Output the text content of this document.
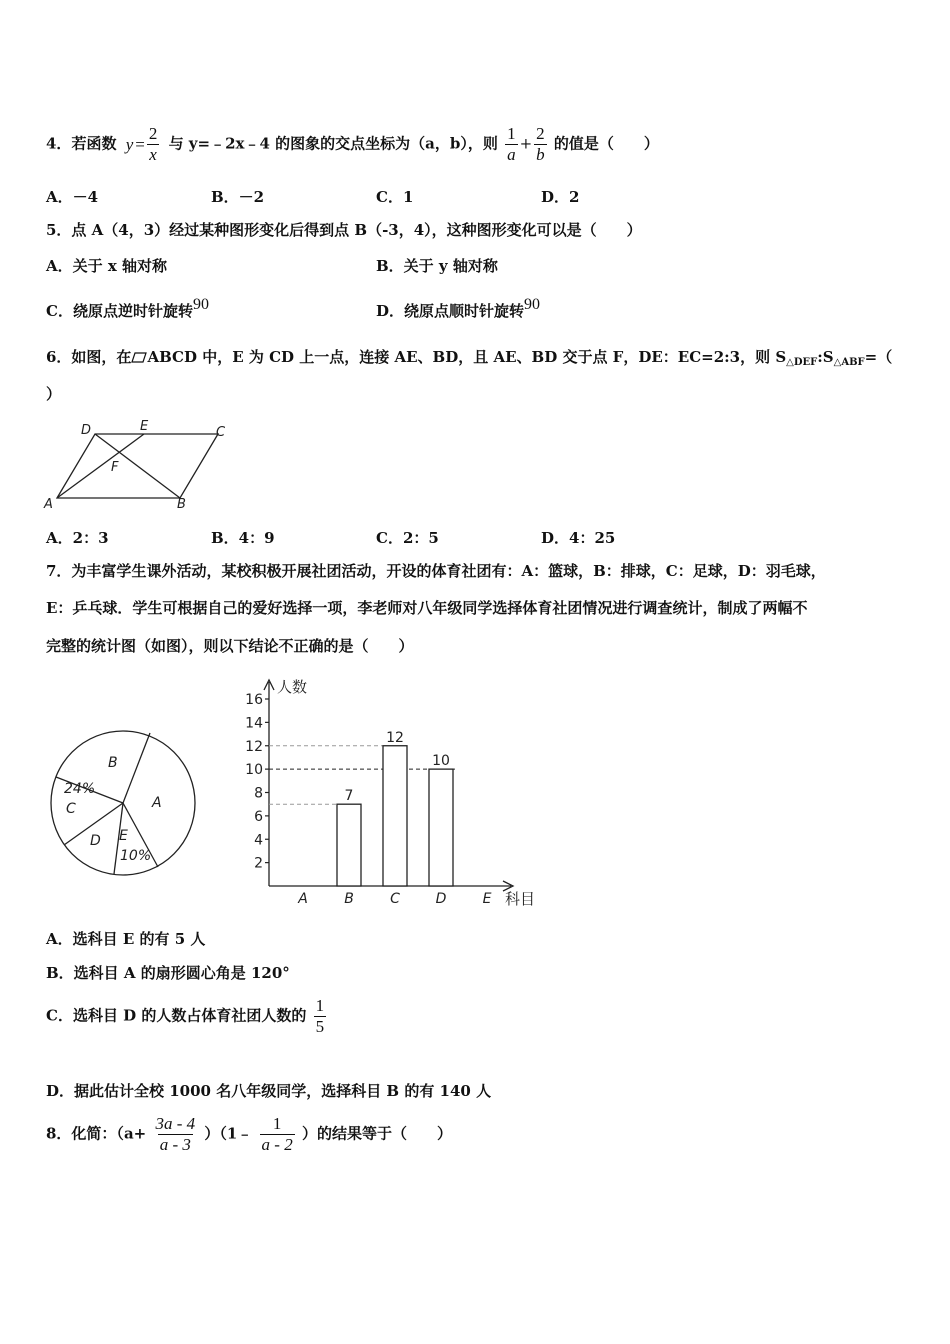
4．若函数 $y = \frac{2}{x}$ 与 y=﹣2x﹣4 的图象的交点坐标为（a，b），则 $\frac{1}{a} + \frac{2}{b}$ 的值是（　　）
A．－4	B．－2	C．1	D．2
5．点 A（4，3）经过某种图形变化后得到点 B（-3，4），这种图形变化可以是（　　）
A．关于 x 轴对称	B．关于 y 轴对称
C．绕原点逆时针旋转90	D．绕原点顺时针旋转90
6．如图，在 ABCD 中，E 为 CD 上一点，连接 AE、BD，且 AE、BD 交于点 F，DE：EC=2:3，则 $S_{\triangle DEF}:S_{\triangle ABF}=$（
）
D	E	C
F
A	B
A．2：3	B．4：9	C．2：5	D．4：25
7．为丰富学生课外活动，某校积极开展社团活动，开设的体育社团有：A：篮球，B：排球，C：足球，D：羽毛球，
E：乒乓球．学生可根据自己的爱好选择一项，李老师对八年级同学选择体育社团情况进行调查统计，制成了两幅不
完整的统计图（如图），则以下结论不正确的是（　　）
B
24%
C	A
D E
10%
人数
科目
2
4
6
8
10
12
14
16
A
7
B
12
C
10
D	E
A．选科目 E 的有 5 人
B．选科目 A 的扇形圆心角是 120°
C．选科目 D 的人数占体育社团人数的 $\frac{1}{5}$
D．据此估计全校 1000 名八年级同学，选择科目 B 的有 140 人
8．化简：（$a+ \frac{3a - 4}{a - 3}$ ）（1﹣ $\frac{1}{a - 2}$ ）的结果等于（　　）
